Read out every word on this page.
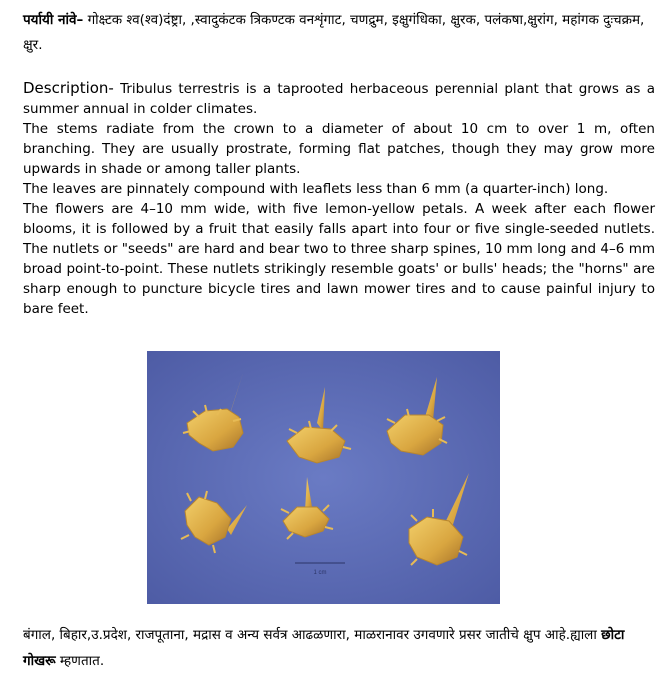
पर्यायी नांवे– गोक्ष्टक श्व(श्व)दंष्ट्रा, ,स्वादुकंटक त्रिकण्टक वनशृंगाट, चणद्रुम, इक्षुगंधिका, क्षुरक, पलंकषा,क्षुरांग, महांगक दुःचक्रम, क्षुर.

Description- Tribulus terrestris is a taprooted herbaceous perennial plant that grows as a summer annual in colder climates.

The stems radiate from the crown to a diameter of about 10 cm to over 1 m, often branching. They are usually prostrate, forming flat patches, though they may grow more upwards in shade or among taller plants.

The leaves are pinnately compound with leaflets less than 6 mm (a quarter-inch) long.

The flowers are 4–10 mm wide, with five lemon-yellow petals. A week after each flower blooms, it is followed by a fruit that easily falls apart into four or five single-seeded nutlets. The nutlets or "seeds" are hard and bear two to three sharp spines, 10 mm long and 4–6 mm broad point-to-point. These nutlets strikingly resemble goats' or bulls' heads; the "horns" are sharp enough to puncture bicycle tires and lawn mower tires and to cause painful injury to bare feet.

1 cm
बंगाल, बिहार,उ.प्रदेश, राजपूताना, मद्रास व अन्य सर्वत्र आढळणारा, माळरानावर उगवणारे प्रसर जातीचे क्षुप आहे.ह्याला छोटा गोखरू म्हणतात.
